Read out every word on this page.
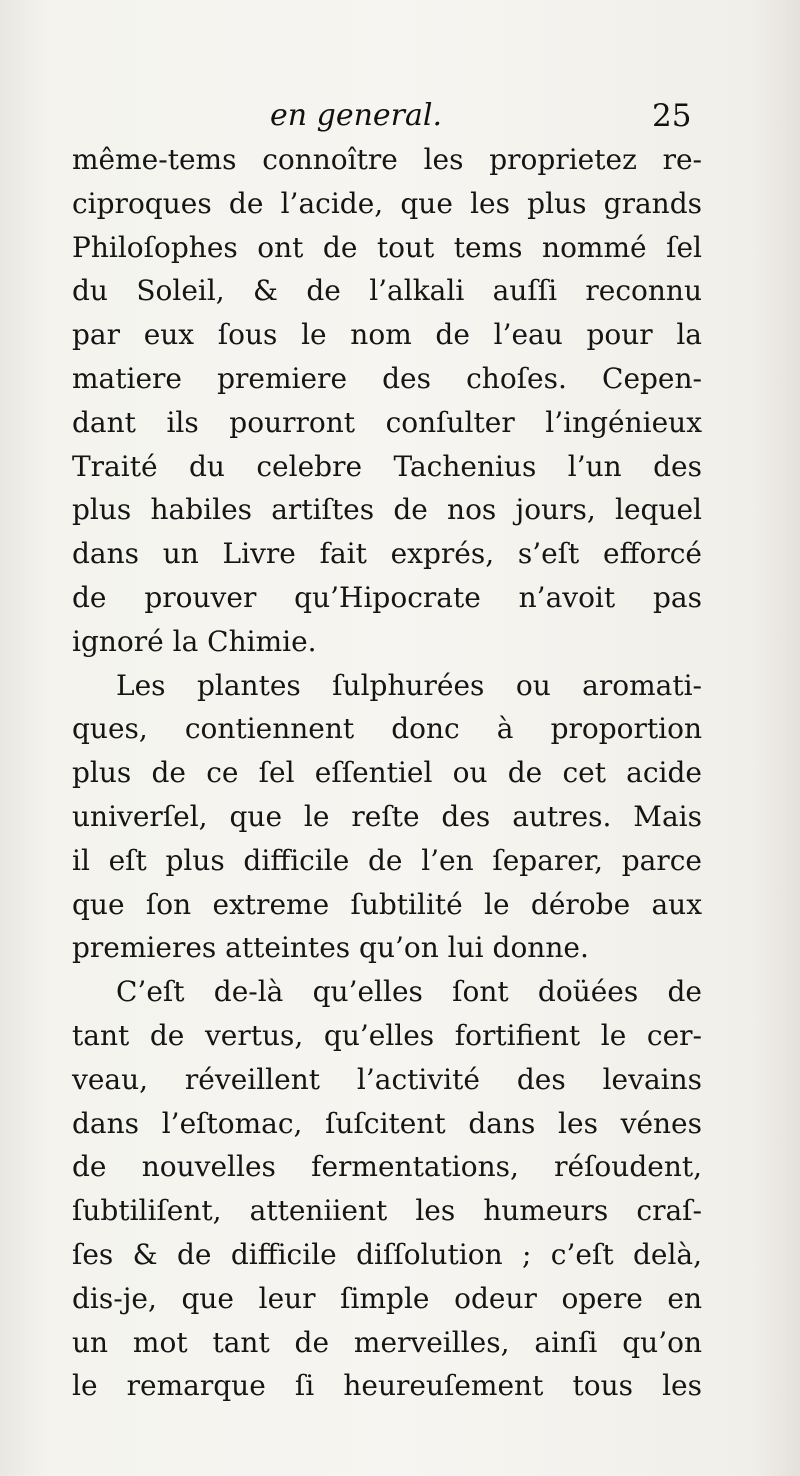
en general.	25
même-tems connoître les proprietez re-
ciproques de l’acide, que les plus grands
Philoſophes ont de tout tems nommé ſel
du Soleil, & de l’alkali auſſi reconnu
par eux ſous le nom de l’eau pour la
matiere premiere des choſes. Cepen-
dant ils pourront conſulter l’ingénieux
Traité du celebre Tachenius l’un des
plus habiles artiſtes de nos jours, lequel
dans un Livre fait exprés, s’eſt efforcé
de prouver qu’Hipocrate n’avoit pas
ignoré la Chimie.
Les plantes ſulphurées ou aromati-
ques, contiennent donc à proportion
plus de ce ſel eſſentiel ou de cet acide
univerſel, que le reſte des autres. Mais
il eſt plus difficile de l’en ſeparer, parce
que ſon extreme ſubtilité le dérobe aux
premieres atteintes qu’on lui donne.
C’eſt de-là qu’elles ſont doüées de
tant de vertus, qu’elles fortifient le cer-
veau, réveillent l’activité des levains
dans l’eſtomac, ſuſcitent dans les vénes
de nouvelles fermentations, réſoudent,
ſubtiliſent, atteniient les humeurs craſ-
ſes & de difficile diſſolution ; c’eſt delà,
dis-je, que leur ſimple odeur opere en
un mot tant de merveilles, ainſi qu’on
le remarque ſi heureuſement tous les
